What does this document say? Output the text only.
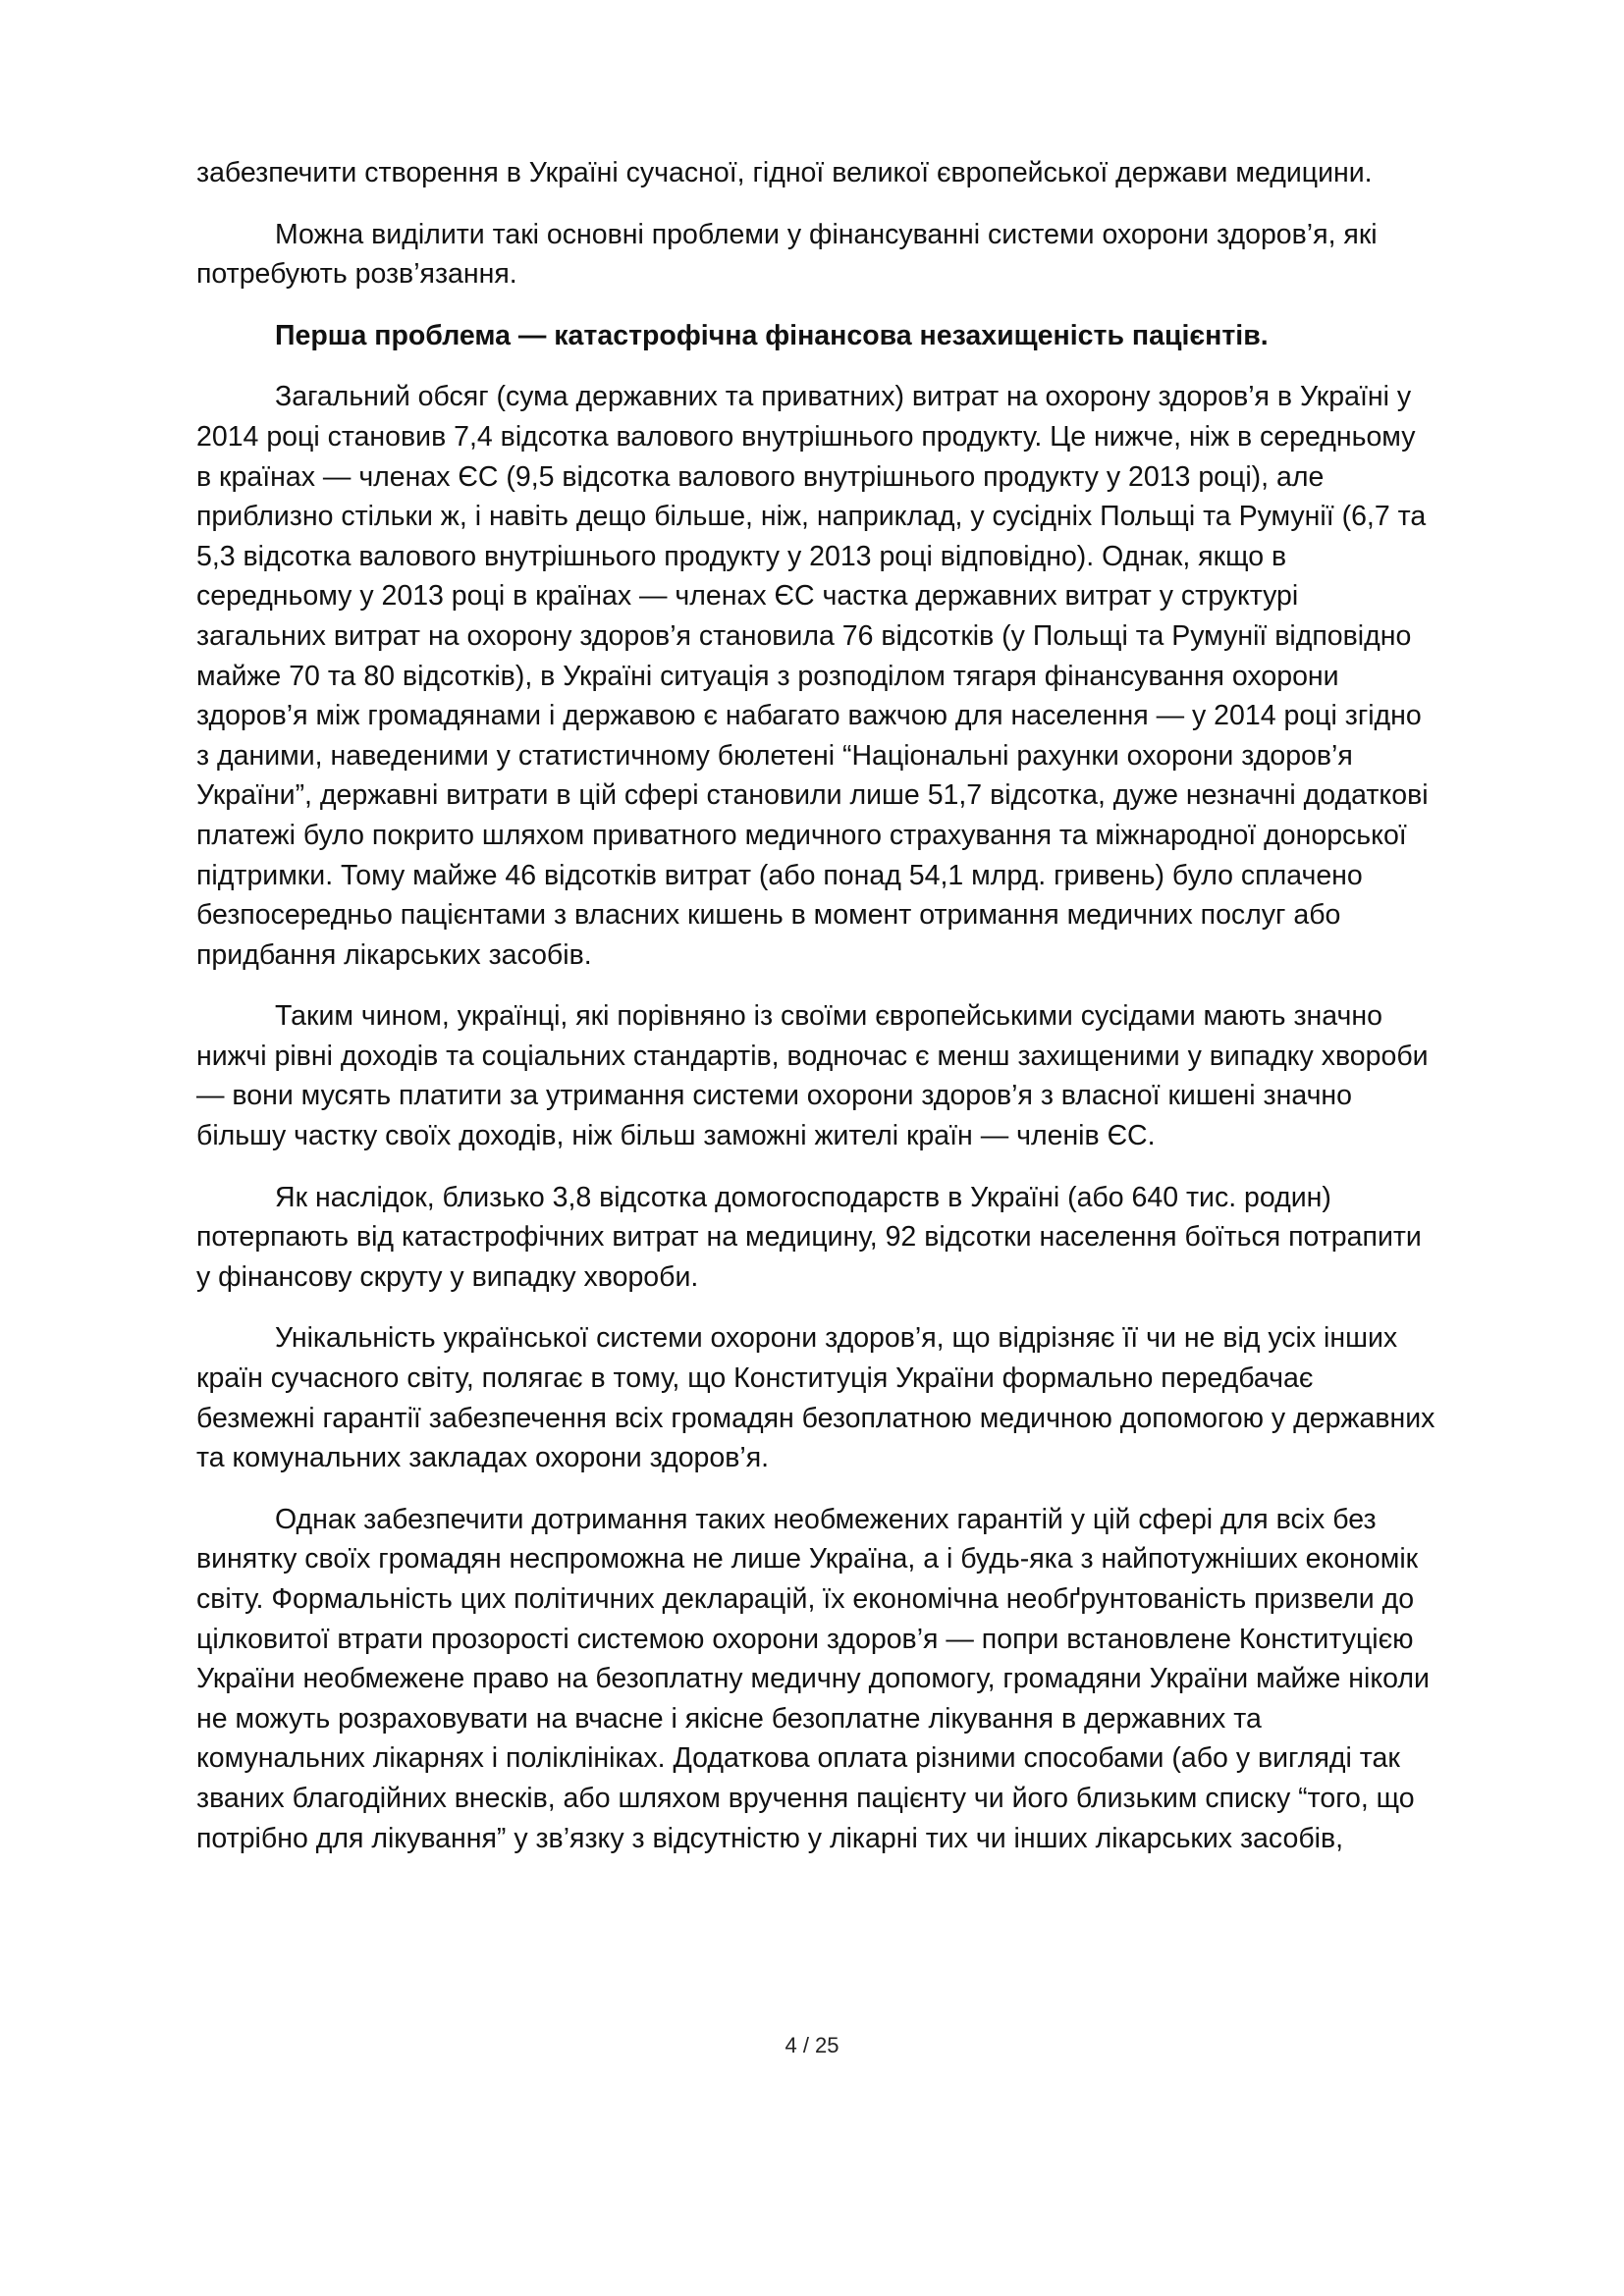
забезпечити створення в Україні сучасної, гідної великої європейської держави медицини.

Можна виділити такі основні проблеми у фінансуванні системи охорони здоров’я, які потребують розв’язання.

Перша проблема — катастрофічна фінансова незахищеність пацієнтів.

Загальний обсяг (сума державних та приватних) витрат на охорону здоров’я в Україні у 2014 році становив 7,4 відсотка валового внутрішнього продукту. Це нижче, ніж в середньому в країнах — членах ЄС (9,5 відсотка валового внутрішнього продукту у 2013 році), але приблизно стільки ж, і навіть дещо більше, ніж, наприклад, у сусідніх Польщі та Румунії (6,7 та 5,3 відсотка валового внутрішнього продукту у 2013 році відповідно). Однак, якщо в середньому у 2013 році в країнах — членах ЄС частка державних витрат у структурі загальних витрат на охорону здоров’я становила 76 відсотків (у Польщі та Румунії відповідно майже 70 та 80 відсотків), в Україні ситуація з розподілом тягаря фінансування охорони здоров’я між громадянами і державою є набагато важчою для населення — у 2014 році згідно з даними, наведеними у статистичному бюлетені “Національні рахунки охорони здоров’я України”, державні витрати в цій сфері становили лише 51,7 відсотка, дуже незначні додаткові платежі було покрито шляхом приватного медичного страхування та міжнародної донорської підтримки. Тому майже 46 відсотків витрат (або понад 54,1 млрд. гривень) було сплачено безпосередньо пацієнтами з власних кишень в момент отримання медичних послуг або придбання лікарських засобів.

Таким чином, українці, які порівняно із своїми європейськими сусідами мають значно нижчі рівні доходів та соціальних стандартів, водночас є менш захищеними у випадку хвороби — вони мусять платити за утримання системи охорони здоров’я з власної кишені значно більшу частку своїх доходів, ніж більш заможні жителі країн — членів ЄС.

Як наслідок, близько 3,8 відсотка домогосподарств в Україні (або 640 тис. родин) потерпають від катастрофічних витрат на медицину, 92 відсотки населення боїться потрапити у фінансову скруту у випадку хвороби.

Унікальність української системи охорони здоров’я, що відрізняє її чи не від усіх інших країн сучасного світу, полягає в тому, що Конституція України формально передбачає безмежні гарантії забезпечення всіх громадян безоплатною медичною допомогою у державних та комунальних закладах охорони здоров’я.

Однак забезпечити дотримання таких необмежених гарантій у цій сфері для всіх без винятку своїх громадян неспроможна не лише Україна, а і будь-яка з найпотужніших економік світу. Формальність цих політичних декларацій, їх економічна необґрунтованість призвели до цілковитої втрати прозорості системою охорони здоров’я — попри встановлене Конституцією України необмежене право на безоплатну медичну допомогу, громадяни України майже ніколи не можуть розраховувати на вчасне і якісне безоплатне лікування в державних та комунальних лікарнях і поліклініках. Додаткова оплата різними способами (або у вигляді так званих благодійних внесків, або шляхом вручення пацієнту чи його близьким списку “того, що потрібно для лікування” у зв’язку з відсутністю у лікарні тих чи інших лікарських засобів,

4 / 25
